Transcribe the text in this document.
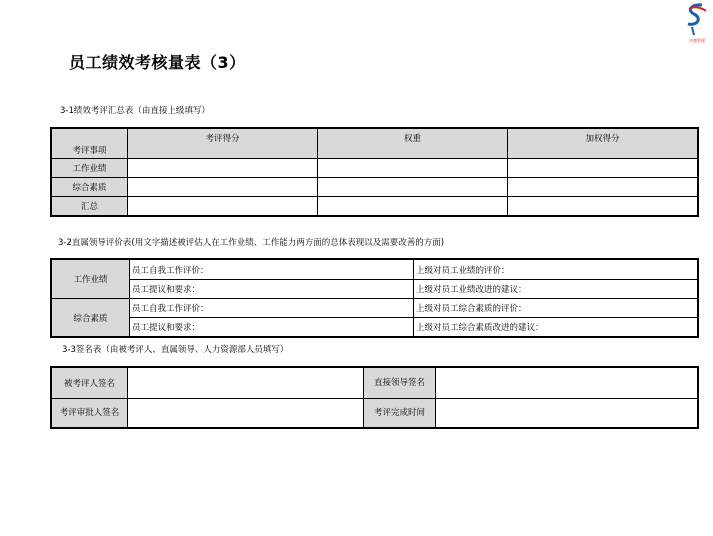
卓越管理
员工绩效考核量表（3）
3-1绩效考评汇总表（由直接上级填写）
考评事项	考评得分	权重	加权得分
工作业绩			
综合素质			
汇总			
3-2直属领导评价表(用文字描述被评估人在工作业绩、工作能力两方面的总体表现以及需要改善的方面)
工作业绩	员工自我工作评价：	上级对员工业绩的评价：
	员工提议和要求：	上级对员工业绩改进的建议：
综合素质	员工自我工作评价：	上级对员工综合素质的评价：
	员工提议和要求：	上级对员工综合素质改进的建议：
3-3签名表（由被考评人、直属领导、人力资源部人员填写）
被考评人签名		直接领导签名	
考评审批人签名		考评完成时间	
